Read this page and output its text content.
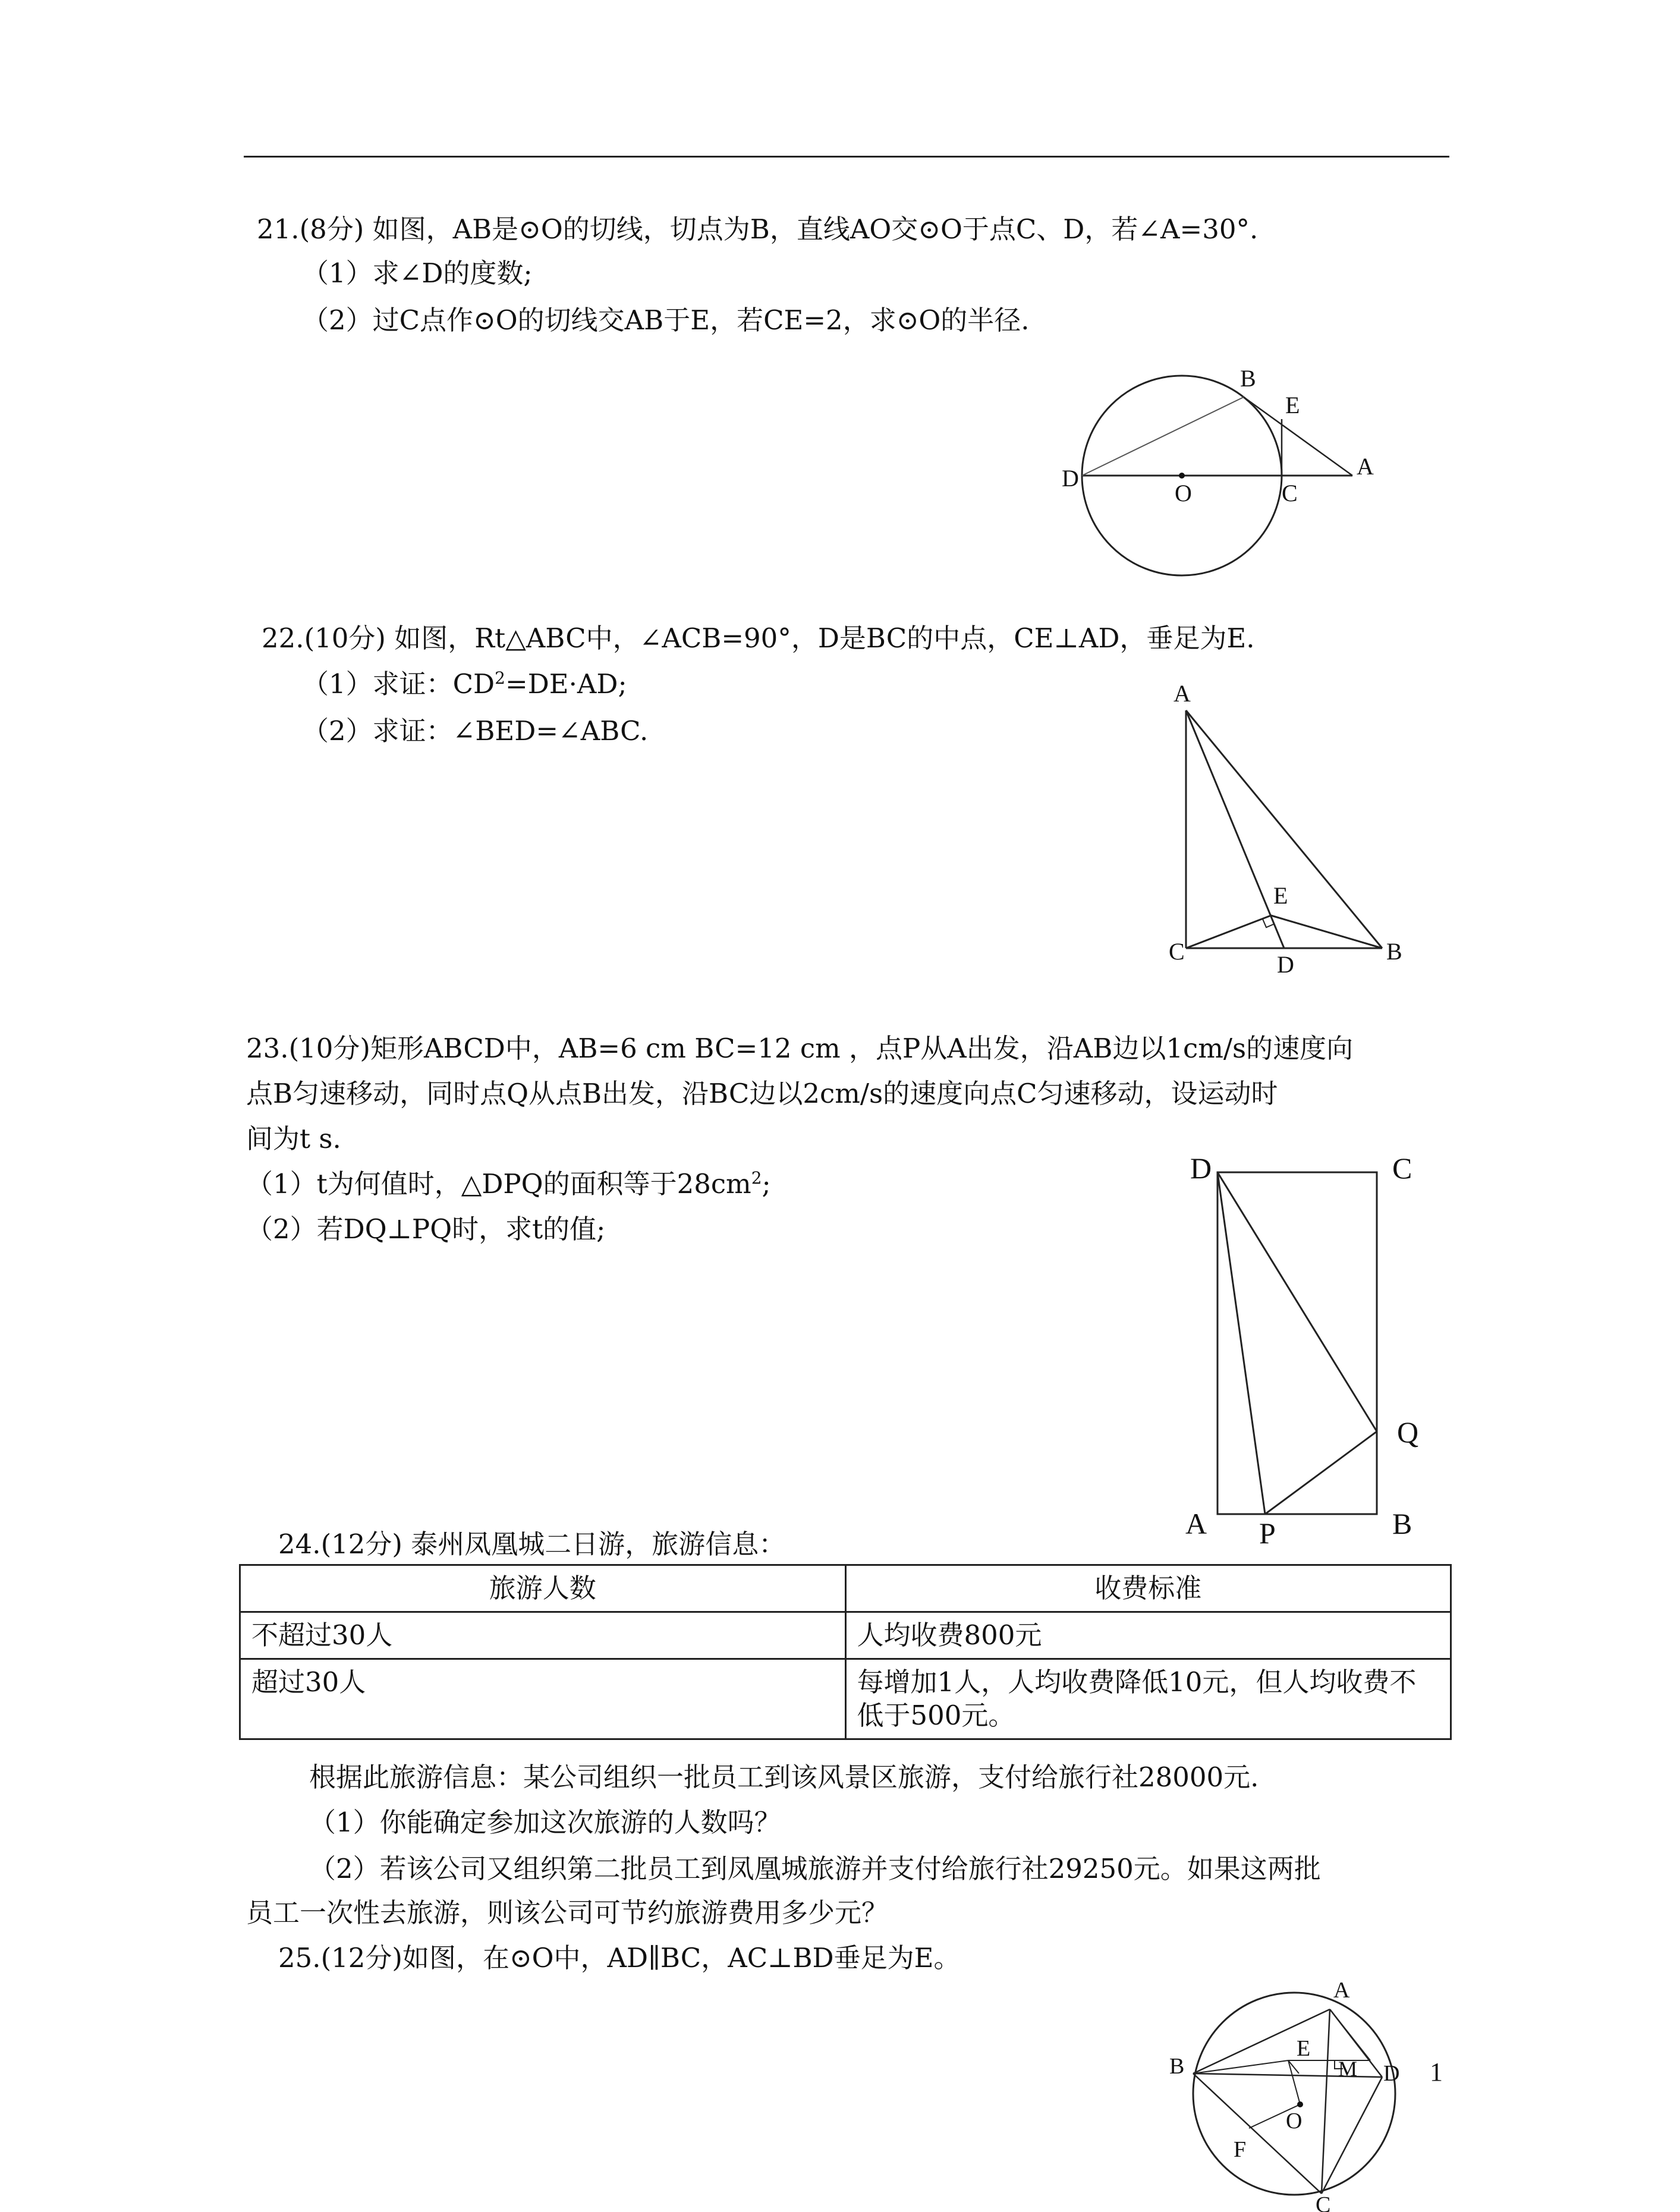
21.(8分) 如图，AB是⊙O的切线，切点为B，直线AO交⊙O于点C、D，若∠A=30°.
（1）求∠D的度数;
（2）过C点作⊙O的切线交AB于E，若CE=2，求⊙O的半径.
B
E
A
D
O	C
22.(10分) 如图，Rt△ABC中，∠ACB=90°，D是BC的中点，CE⊥AD，垂足为E.
（1）求证：$CD^2=DE\cdot AD$;
（2）求证：∠BED=∠ABC.
A
E
C	D	B
23.(10分)矩形ABCD中，AB=6 cm BC=12 cm ，点P从A出发，沿AB边以1cm/s的速度向
点B匀速移动，同时点Q从点B出发，沿BC边以2cm/s的速度向点C匀速移动，设运动时
间为t s.
（1）t为何值时，△DPQ的面积等于$28cm^2$;
（2）若DQ⊥PQ时，求t的值;
D	C
Q
A P	B
24.(12分) 泰州凤凰城二日游，旅游信息：
旅游人数	收费标准
不超过30人	人均收费800元
超过30人	每增加1人，人均收费降低10元，但人均收费不低于500元。
根据此旅游信息：某公司组织一批员工到该风景区旅游，支付给旅行社28000元.
（1）你能确定参加这次旅游的人数吗？
（2）若该公司又组织第二批员工到凤凰城旅游并支付给旅行社29250元。如果这两批
员工一次性去旅游，则该公司可节约旅游费用多少元？
25.(12分)如图，在⊙O中，AD∥BC，AC⊥BD垂足为E。
A
B
E
M D
O
F
C
1
